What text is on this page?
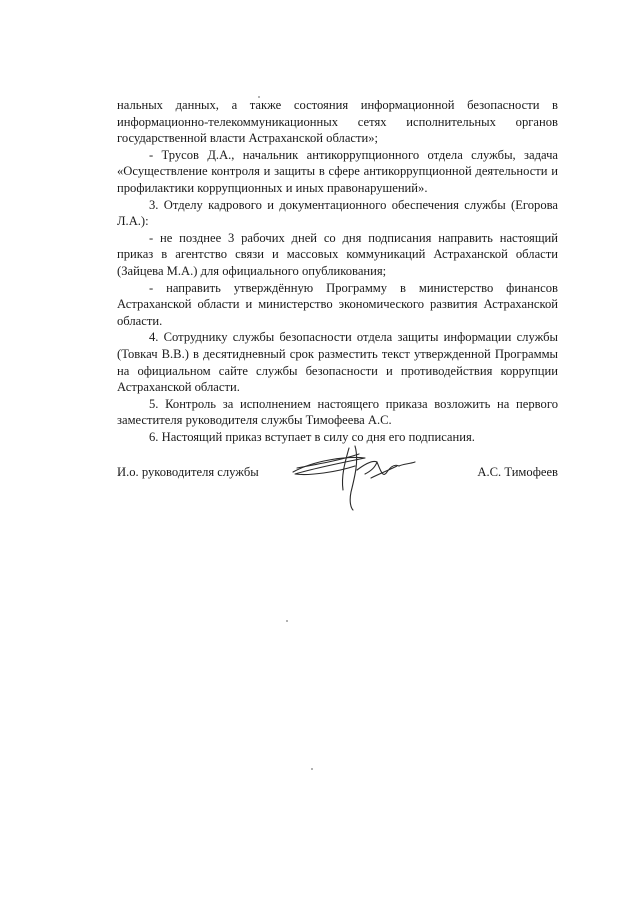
нальных данных, а также состояния информационной безопасности в информационно-телекоммуникационных сетях исполнительных органов государственной власти Астраханской области»;

- Трусов Д.А., начальник антикоррупционного отдела службы, задача «Осуществление контроля и защиты в сфере антикоррупционной деятельности и профилактики коррупционных и иных правонарушений».

3. Отделу кадрового и документационного обеспечения службы (Егорова Л.А.):

- не позднее 3 рабочих дней со дня подписания направить настоящий приказ в агентство связи и массовых коммуникаций Астраханской области (Зайцева М.А.) для официального опубликования;

- направить утверждённую Программу в министерство финансов Астраханской области и министерство экономического развития Астраханской области.

4. Сотруднику службы безопасности отдела защиты информации службы (Товкач В.В.) в десятидневный срок разместить текст утвержденной Программы на официальном сайте службы безопасности и противодействия коррупции Астраханской области.

5. Контроль за исполнением настоящего приказа возложить на первого заместителя руководителя службы Тимофеева А.С.

6. Настоящий приказ вступает в силу со дня его подписания.

И.о. руководителя службы	А.С. Тимофеев
